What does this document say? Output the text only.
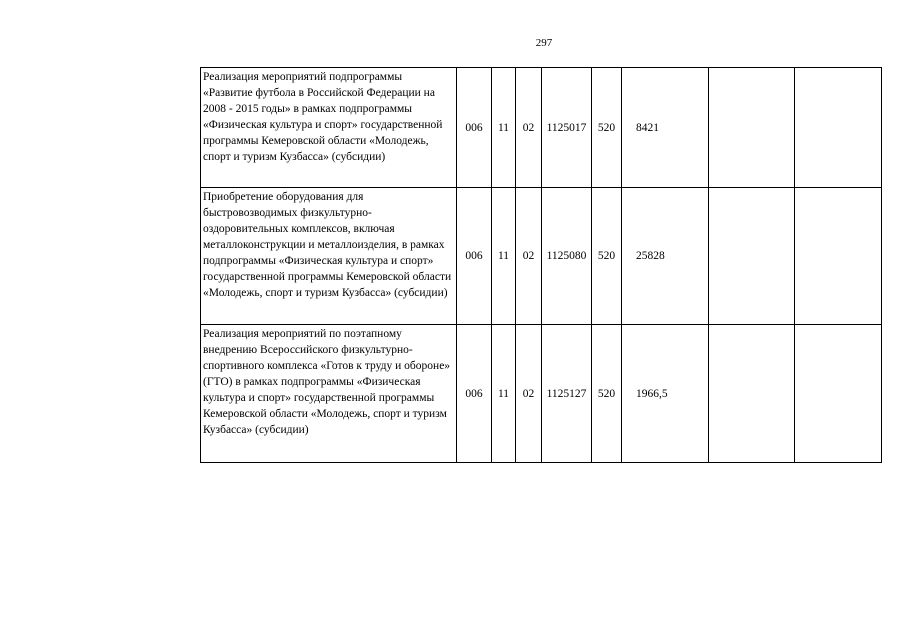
297
Реализация мероприятий подпрограммы «Развитие футбола в Российской Федерации на 2008 - 2015 годы» в рамках подпрограммы «Физическая культура и спорт» государственной программы Кемеровской области «Молодежь, спорт и туризм Кузбасса» (субсидии)	006	11	02	1125017	520	8421		
Приобретение оборудования для быстровозводимых физкультурно-оздоровительных комплексов, включая металлоконструкции и металлоизделия, в рамках подпрограммы «Физическая культура и спорт» государственной программы Кемеровской области «Молодежь, спорт и туризм Кузбасса» (субсидии)	006	11	02	1125080	520	25828		
Реализация мероприятий по поэтапному внедрению Всероссийского физкультурно-спортивного комплекса «Готов к труду и обороне» (ГТО) в рамках подпрограммы «Физическая культура и спорт» государственной программы Кемеровской области «Молодежь, спорт и туризм Кузбасса» (субсидии)	006	11	02	1125127	520	1966,5		
